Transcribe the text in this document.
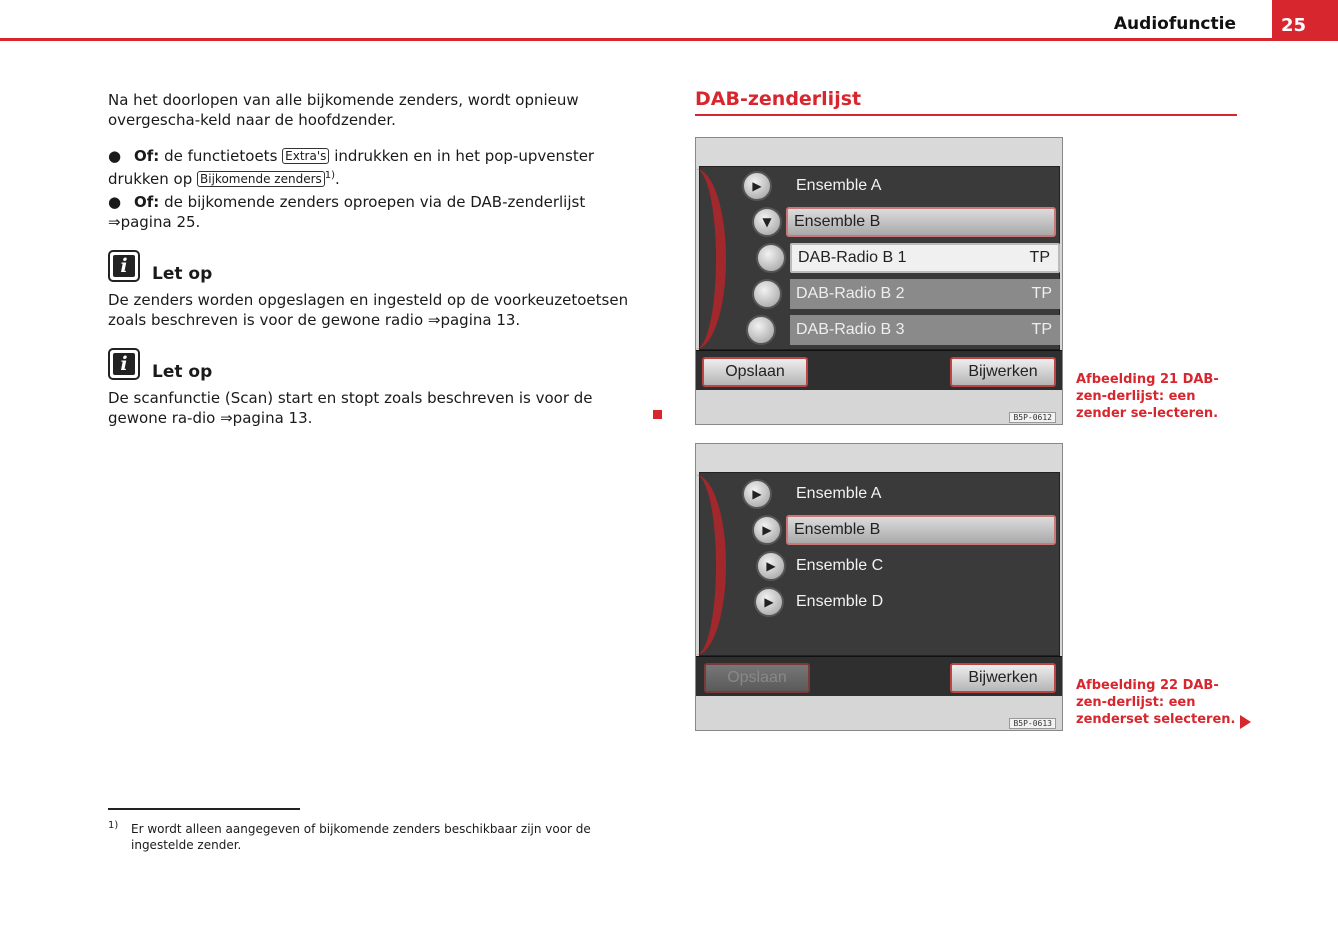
Audiofunctie	25
Na het doorlopen van alle bijkomende zenders, wordt opnieuw overgescha-keld naar de hoofdzender.
● Of: de functietoets Extra's indrukken en in het pop-upvenster drukken op Bijkomende zenders $^{1)}$.
● Of: de bijkomende zenders oproepen via de DAB-zenderlijst ⇒pagina 25.
i	Let op
De zenders worden opgeslagen en ingesteld op de voorkeuzetoetsen zoals beschreven is voor de gewone radio ⇒pagina 13.
i	Let op
De scanfunctie (Scan) start en stopt zoals beschreven is voor de gewone ra-dio ⇒pagina 13.
1) Er wordt alleen aangegeven of bijkomende zenders beschikbaar zijn voor de ingestelde zender.
DAB-zenderlijst
▶	Ensemble A
▼	Ensemble B
DAB-Radio B 1	TP
DAB-Radio B 2	TP
DAB-Radio B 3	TP
Opslaan	Bijwerken
B5P-0612
Afbeelding 21 DAB-zen-derlijst: een zender se-lecteren.
▶	Ensemble A
▶	Ensemble B
▶	Ensemble C
▶	Ensemble D
Opslaan	Bijwerken
B5P-0613
Afbeelding 22 DAB-zen-derlijst: een zenderset selecteren.
